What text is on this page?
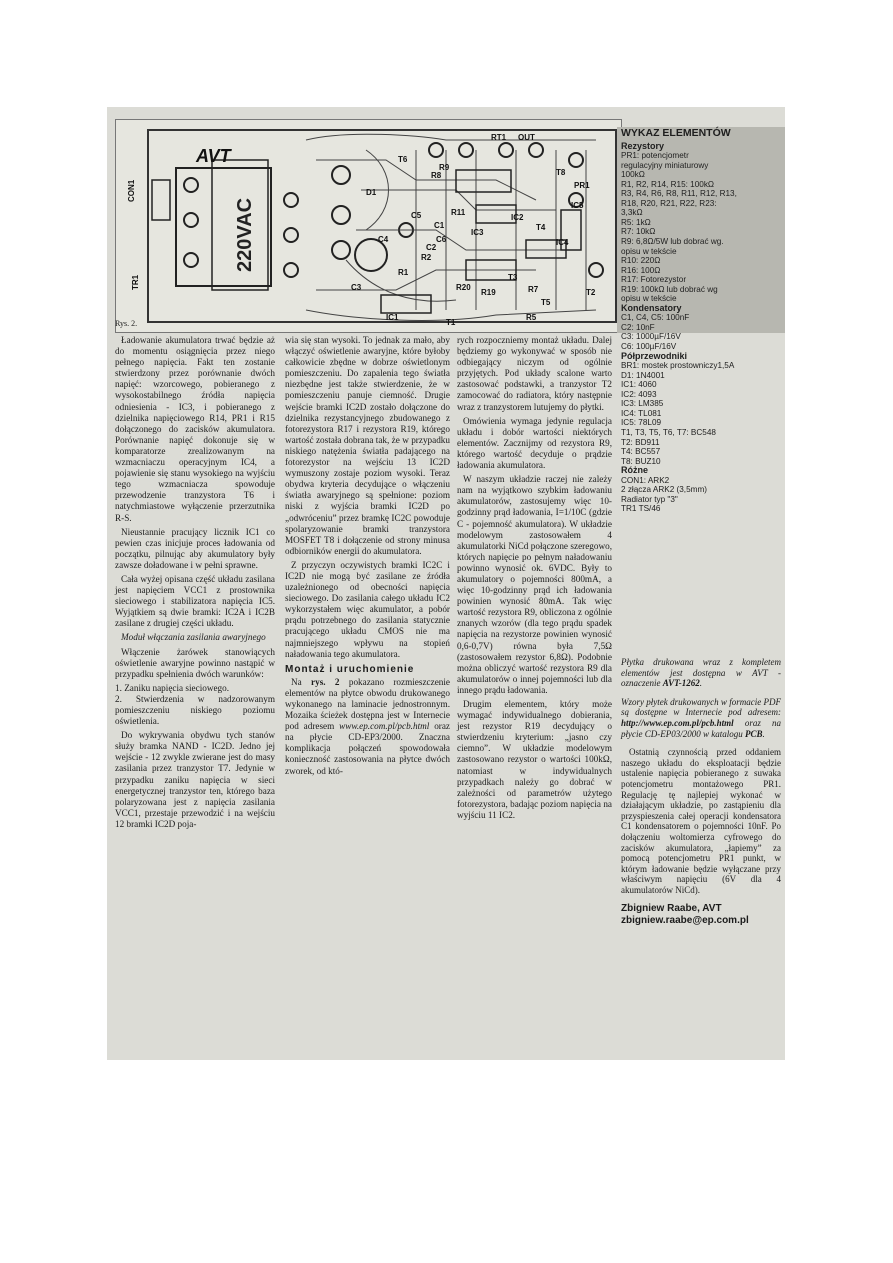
220VAC
AVT
CON1
TR1
RT1 OUT
T8
PR1
C5
C4
C1
C6
C2
C3
R8
R9
R11
R1
R2
T6
IC1
IC2
IC3
IC4
IC5
R19	R7
R5
R20
D1
T1
T2
T3
T4
T5
Rys. 2.
WYKAZ ELEMENTÓW
Rezystory
PR1: potencjometr
regulacyjny miniaturowy
100kΩ
R1, R2, R14, R15: 100kΩ
R3, R4, R6, R8, R11, R12, R13,
R18, R20, R21, R22, R23:
3,3kΩ
R5: 1kΩ
R7: 10kΩ
R9: 6,8Ω/5W lub dobrać wg.
opisu w tekście
R10: 220Ω
R16: 100Ω
R17: Fotorezystor
R19: 100kΩ lub dobrać wg
opisu w tekście
Kondensatory
C1, C4, C5: 100nF
C2: 10nF
C3: 1000µF/16V
C6: 100µF/16V
Półprzewodniki
BR1: mostek prostowniczy1,5A
D1: 1N4001
IC1: 4060
IC2: 4093
IC3: LM385
IC4: TL081
IC5: 78L09
T1, T3, T5, T6, T7: BC548
T2: BD911
T4: BC557
T8: BUZ10
Różne
CON1: ARK2
2 złącza ARK2 (3,5mm)
Radiator typ "3"
TR1 TS/46

Ładowanie akumulatora trwać będzie aż do momentu osiągnięcia przez niego pełnego napięcia. Fakt ten zostanie stwierdzony przez porównanie dwóch napięć: wzorcowego, pobieranego z wysokostabilnego źródła napięcia odniesienia - IC3, i pobieranego z dzielnika napięciowego R14, PR1 i R15 dołączonego do zacisków akumulatora. Porównanie napięć dokonuje się w komparatorze zrealizowanym na wzmacniaczu operacyjnym IC4, a pojawienie się stanu wysokiego na wyjściu tego wzmacniacza spowoduje przewodzenie tranzystora T6 i natychmiastowe wyłączenie przerzutnika R-S.

Nieustannie pracujący licznik IC1 co pewien czas inicjuje proces ładowania od początku, pilnując aby akumulatory były zawsze doładowane i w pełni sprawne.

Cała wyżej opisana część układu zasilana jest napięciem VCC1 z prostownika sieciowego i stabilizatora napięcia IC5. Wyjątkiem są dwie bramki: IC2A i IC2B zasilane z drugiej części układu.

Moduł włączania zasilania awaryjnego

Włączenie żarówek stanowiących oświetlenie awaryjne powinno nastąpić w przypadku spełnienia dwóch warunków:

1. Zaniku napięcia sieciowego.

2. Stwierdzenia w nadzorowanym pomieszczeniu niskiego poziomu oświetlenia.

Do wykrywania obydwu tych stanów służy bramka NAND - IC2D. Jedno jej wejście - 12 zwykle zwierane jest do masy zasilania przez tranzystor T7. Jedynie w przypadku zaniku napięcia w sieci energetycznej tranzystor ten, którego baza polaryzowana jest z napięcia zasilania VCC1, przestaje przewodzić i na wejściu 12 bramki IC2D poja-

wia się stan wysoki. To jednak za mało, aby włączyć oświetlenie awaryjne, które byłoby całkowicie zbędne w dobrze oświetlonym pomieszczeniu. Do zapalenia tego światła niezbędne jest także stwierdzenie, że w pomieszczeniu panuje ciemność. Drugie wejście bramki IC2D zostało dołączone do dzielnika rezystancyjnego zbudowanego z fotorezystora R17 i rezystora R19, którego wartość została dobrana tak, że w przypadku niskiego natężenia światła padającego na fotorezystor na wejściu 13 IC2D wymuszony zostaje poziom wysoki. Teraz obydwa kryteria decydujące o włączeniu światła awaryjnego są spełnione: poziom niski z wyjścia bramki IC2D po „odwróceniu” przez bramkę IC2C powoduje spolaryzowanie bramki tranzystora MOSFET T8 i dołączenie od strony minusa odbiorników energii do akumulatora.

Z przyczyn oczywistych bramki IC2C i IC2D nie mogą być zasilane ze źródła uzależnionego od obecności napięcia sieciowego. Do zasilania całego układu IC2 wykorzystałem więc akumulator, a pobór prądu potrzebnego do zasilania statycznie pracującego układu CMOS nie ma najmniejszego wpływu na stopień naładowania tego akumulatora.

Montaż i uruchomienie

Na rys. 2 pokazano rozmieszczenie elementów na płytce obwodu drukowanego wykonanego na laminacie jednostronnym. Mozaika ścieżek dostępna jest w Internecie pod adresem www.ep.com.pl/pcb.html oraz na płycie CD-EP3/2000. Znaczna komplikacja połączeń spowodowała konieczność zastosowania na płytce dwóch zworek, od któ-

rych rozpoczniemy montaż układu. Dalej będziemy go wykonywać w sposób nie odbiegający niczym od ogólnie przyjętych. Pod układy scalone warto zastosować podstawki, a tranzystor T2 zamocować do radiatora, który następnie wraz z tranzystorem lutujemy do płytki.

Omówienia wymaga jedynie regulacja układu i dobór wartości niektórych elementów. Zacznijmy od rezystora R9, którego wartość decyduje o prądzie ładowania akumulatora.

W naszym układzie raczej nie zależy nam na wyjątkowo szybkim ładowaniu akumulatorów, zastosujemy więc 10-godzinny prąd ładowania, I=1/10C (gdzie C - pojemność akumulatora). W układzie modelowym zastosowałem 4 akumulatorki NiCd połączone szeregowo, których napięcie po pełnym naładowaniu powinno wynosić ok. 6VDC. Były to akumulatory o pojemności 800mA, a więc 10-godzinny prąd ich ładowania powinien wynosić 80mA. Tak więc wartość rezystora R9, obliczona z ogólnie znanych wzorów (dla tego prądu spadek napięcia na rezystorze powinien wynosić 0,6-0,7V) równa była 7,5Ω (zastosowałem rezystor 6,8Ω). Podobnie można obliczyć wartość rezystora R9 dla akumulatorów o innej pojemności lub dla innego prądu ładowania.

Drugim elementem, który może wymagać indywidualnego dobierania, jest rezystor R19 decydujący o stwierdzeniu kryterium: „jasno czy ciemno”. W układzie modelowym zastosowano rezystor o wartości 100kΩ, natomiast w indywidualnych przypadkach należy go dobrać w zależności od parametrów użytego fotorezystora, badając poziom napięcia na wyjściu 11 IC2.

Płytka drukowana wraz z kompletem elementów jest dostępna w AVT - oznaczenie AVT-1262.

Wzory płytek drukowanych w formacie PDF są dostępne w Internecie pod adresem: http://www.ep.com.pl/pcb.html oraz na płycie CD-EP03/2000 w katalogu PCB.

Ostatnią czynnością przed oddaniem naszego układu do eksploatacji będzie ustalenie napięcia pobieranego z suwaka potencjometru montażowego PR1. Regulację tę najlepiej wykonać w działającym układzie, po zastąpieniu dla przyspieszenia całej operacji kondensatora C1 kondensatorem o pojemności 10nF. Po dołączeniu woltomierza cyfrowego do zacisków akumulatora, „łapiemy” za pomocą potencjometru PR1 punkt, w którym ładowanie będzie wyłączane przy właściwym napięciu (6V dla 4 akumulatorów NiCd).

Zbigniew Raabe, AVT
zbigniew.raabe@ep.com.pl
